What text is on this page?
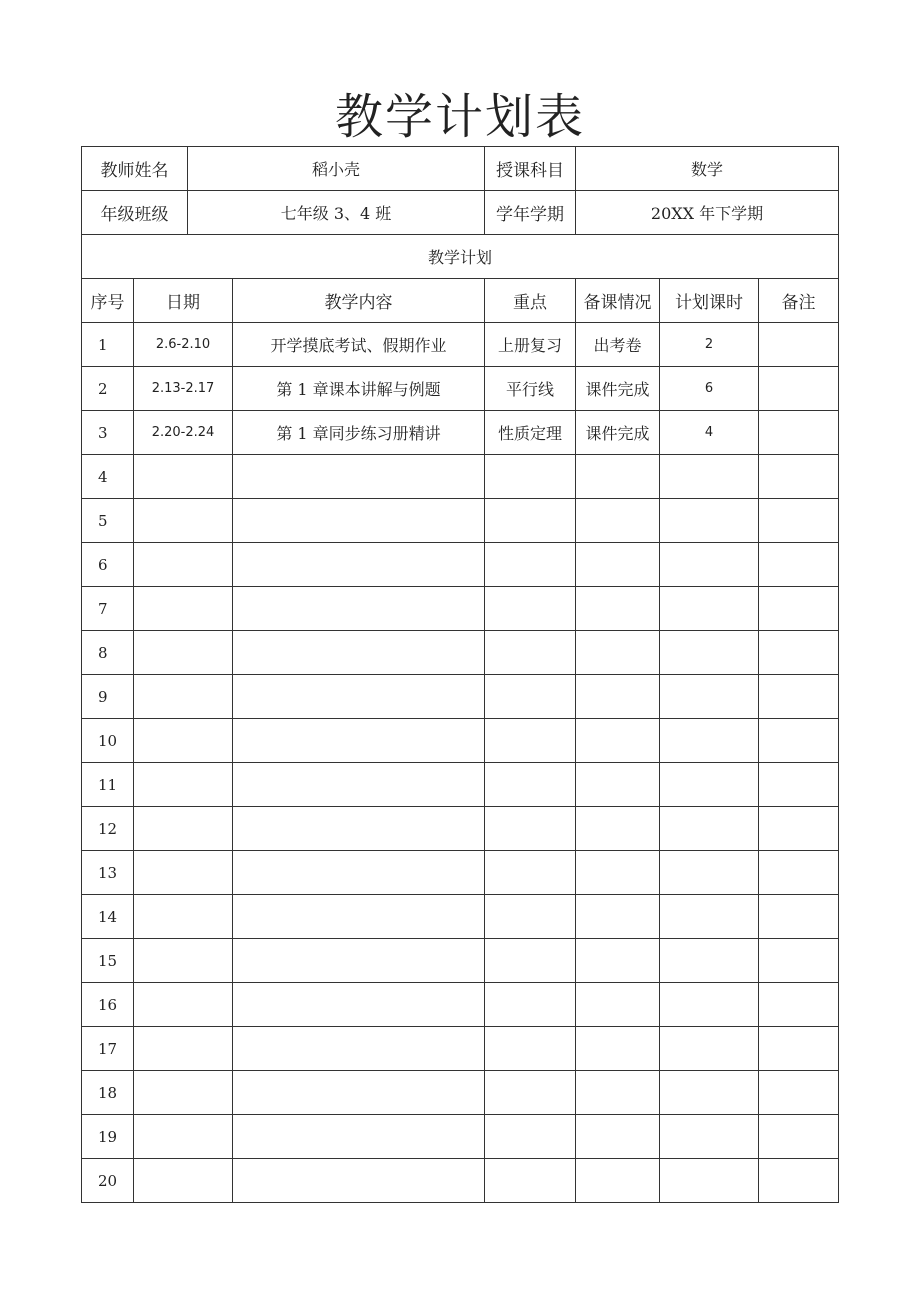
教学计划表
教师姓名		稻小壳		授课科目	数学		
年级班级		七年级 3、4 班		学年学期	20XX 年下学期		
教学计划							
序号	日期		教学内容	重点	备课情况	计划课时	备注
1	2.6-2.10		开学摸底考试、假期作业	上册复习	出考卷	2	
2	2.13-2.17		第 1 章课本讲解与例题	平行线	课件完成	6	
3	2.20-2.24		第 1 章同步练习册精讲	性质定理	课件完成	4	
4							
5							
6							
7							
8							
9							
10							
11							
12							
13							
14							
15							
16							
17							
18							
19							
20							
